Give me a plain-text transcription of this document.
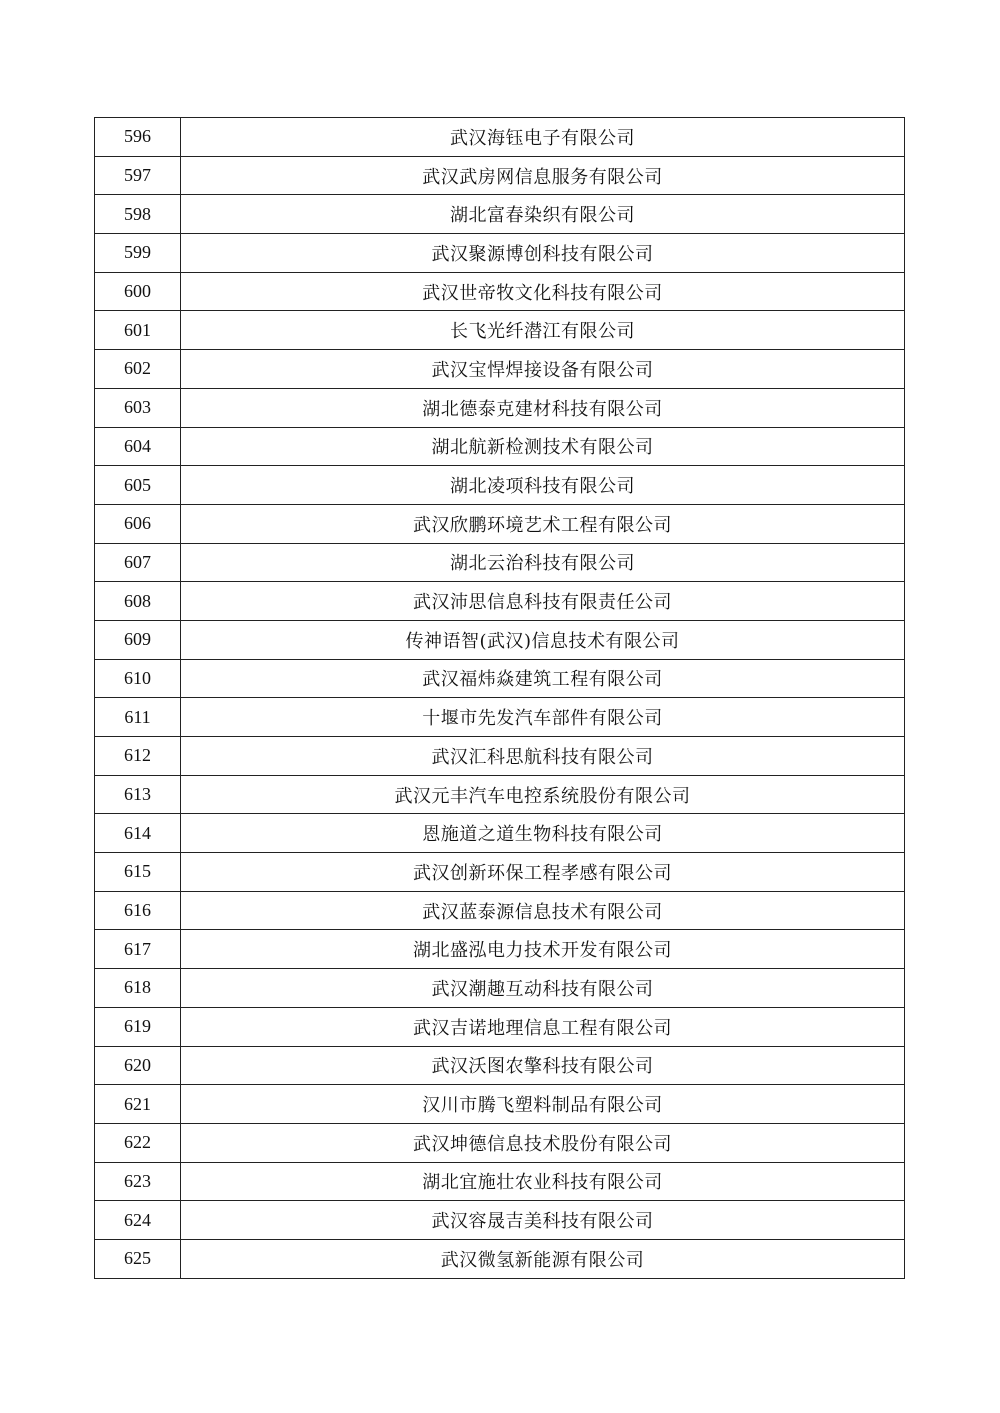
596	武汉海钰电子有限公司
597	武汉武房网信息服务有限公司
598	湖北富春染织有限公司
599	武汉聚源博创科技有限公司
600	武汉世帝牧文化科技有限公司
601	长飞光纤潜江有限公司
602	武汉宝悍焊接设备有限公司
603	湖北德泰克建材科技有限公司
604	湖北航新检测技术有限公司
605	湖北凌项科技有限公司
606	武汉欣鹏环境艺术工程有限公司
607	湖北云治科技有限公司
608	武汉沛思信息科技有限责任公司
609	传神语智(武汉)信息技术有限公司
610	武汉福炜焱建筑工程有限公司
611	十堰市先发汽车部件有限公司
612	武汉汇科思航科技有限公司
613	武汉元丰汽车电控系统股份有限公司
614	恩施道之道生物科技有限公司
615	武汉创新环保工程孝感有限公司
616	武汉蓝泰源信息技术有限公司
617	湖北盛泓电力技术开发有限公司
618	武汉潮趣互动科技有限公司
619	武汉吉诺地理信息工程有限公司
620	武汉沃图农擎科技有限公司
621	汉川市腾飞塑料制品有限公司
622	武汉坤德信息技术股份有限公司
623	湖北宜施壮农业科技有限公司
624	武汉容晟吉美科技有限公司
625	武汉微氢新能源有限公司
